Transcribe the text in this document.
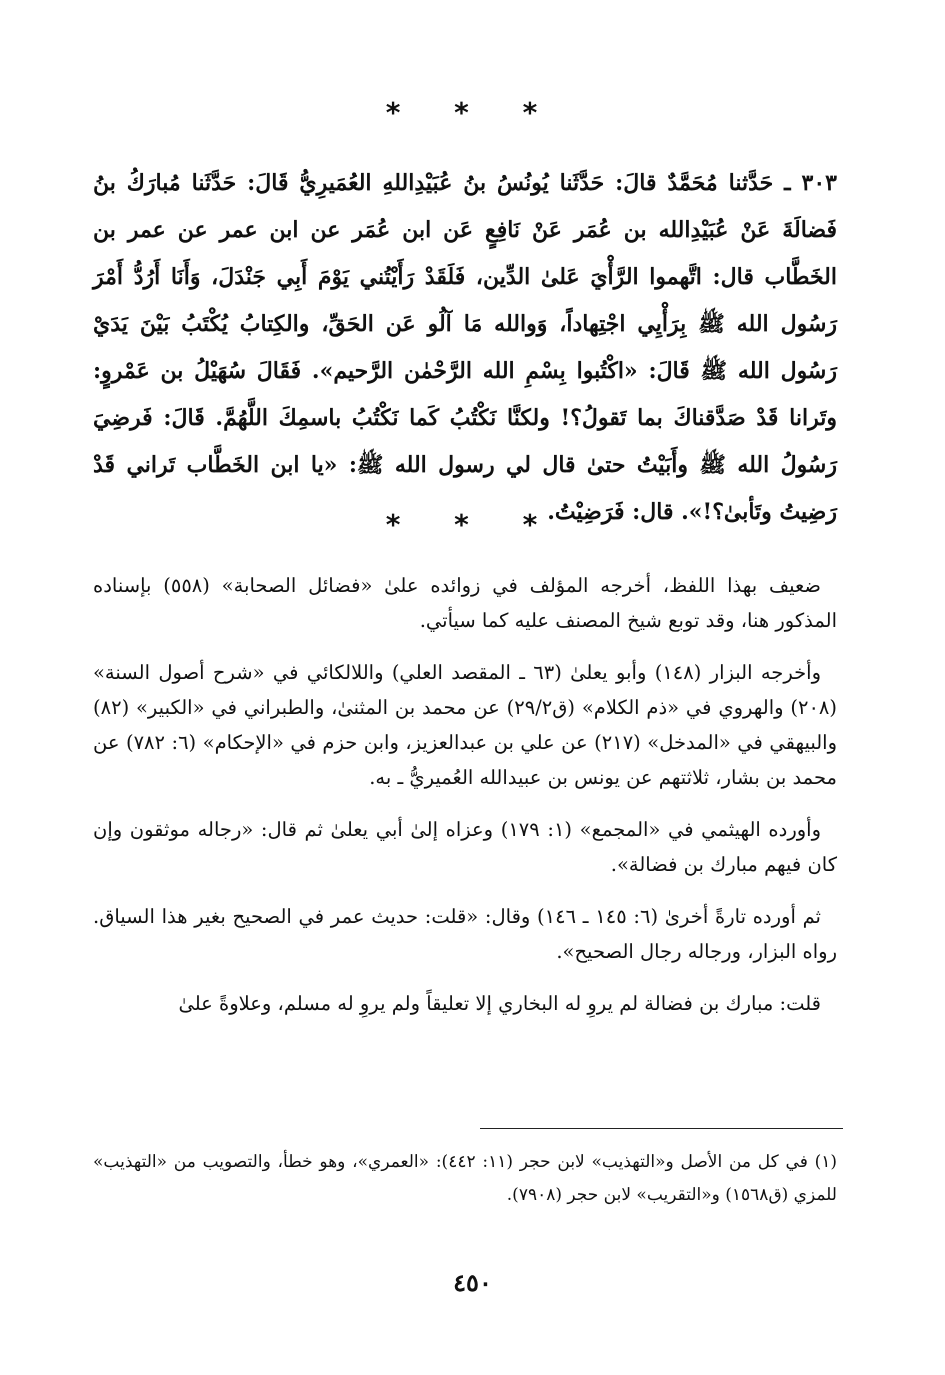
* * *
٣٠٣ ـ حَدَّثنا مُحَمَّدٌ قالَ: حَدَّثَنا يُونُسُ بنُ عُبَيْدِاللهِ العُمَيرِيُّ قَالَ: حَدَّثَنا مُبارَكُ بنُ فَضالَةَ عَنْ عُبَيْدِالله بن عُمَر عَنْ نَافِعٍ عَن ابن عُمَر عن ابن عمر عن عمر بن الخَطَّاب قال: اتَّهموا الرَّأْيَ عَلىٰ الدِّين، فَلَقَدْ رَأَيْتُني يَوْمَ أَبِي جَنْدَلَ، وَأَنَا أَرُدُّ أَمْرَ رَسُول الله ﷺ بِرَأْيِي اجْتِهاداً، وَوالله مَا آلُو عَن الحَقِّ، والكِتابُ يُكْتَبُ بَيْنَ يَدَيْ رَسُول الله ﷺ قَالَ: «اكْتُبوا بِسْمِ الله الرَّحْمٰن الرَّحيم». فَقَالَ سُهَيْلُ بن عَمْروٍ: وتَرانا قَدْ صَدَّقناكَ بما تَقولُ؟! ولكنَّا نَكْتُبُ كَما نَكْتُبُ باسمِكَ اللَّهُمَّ. قَالَ: فَرضِيَ رَسُولُ الله ﷺ وأَبَيْتُ حتىٰ قال لي رسول الله ﷺ: «يا ابن الخَطَّاب تَراني قَدْ رَضِيتُ وتَأبىٰ؟!». قال: فَرَضِيْتُ.
* * *

ضعيف بهذا اللفظ، أخرجه المؤلف في زوائده علىٰ «فضائل الصحابة» (٥٥٨) بإسناده المذكور هنا، وقد توبع شيخ المصنف عليه كما سيأتي.

وأخرجه البزار (١٤٨) وأبو يعلىٰ (٦٣ ـ المقصد العلي) واللالكائي في «شرح أصول السنة» (٢٠٨) والهروي في «ذم الكلام» (ق٢٩/٢) عن محمد بن المثنىٰ، والطبراني في «الكبير» (٨٢) والبيهقي في «المدخل» (٢١٧) عن علي بن عبدالعزيز، وابن حزم في «الإحكام» (٦: ٧٨٢) عن محمد بن بشار، ثلاثتهم عن يونس بن عبيدالله العُميريُّ ـ به.

وأورده الهيثمي في «المجمع» (١: ١٧٩) وعزاه إلىٰ أبي يعلىٰ ثم قال: «رجاله موثقون وإن كان فيهم مبارك بن فضالة».

ثم أورده تارةً أخرىٰ (٦: ١٤٥ ـ ١٤٦) وقال: «قلت: حديث عمر في الصحيح بغير هذا السياق. رواه البزار، ورجاله رجال الصحيح».

قلت: مبارك بن فضالة لم يروِ له البخاري إلا تعليقاً ولم يروِ له مسلم، وعلاوةً علىٰ

(١) في كل من الأصل و«التهذيب» لابن حجر (١١: ٤٤٢): «العمري»، وهو خطأ، والتصويب من «التهذيب» للمزي (ق١٥٦٨) و«التقريب» لابن حجر (٧٩٠٨).
٤٥٠
